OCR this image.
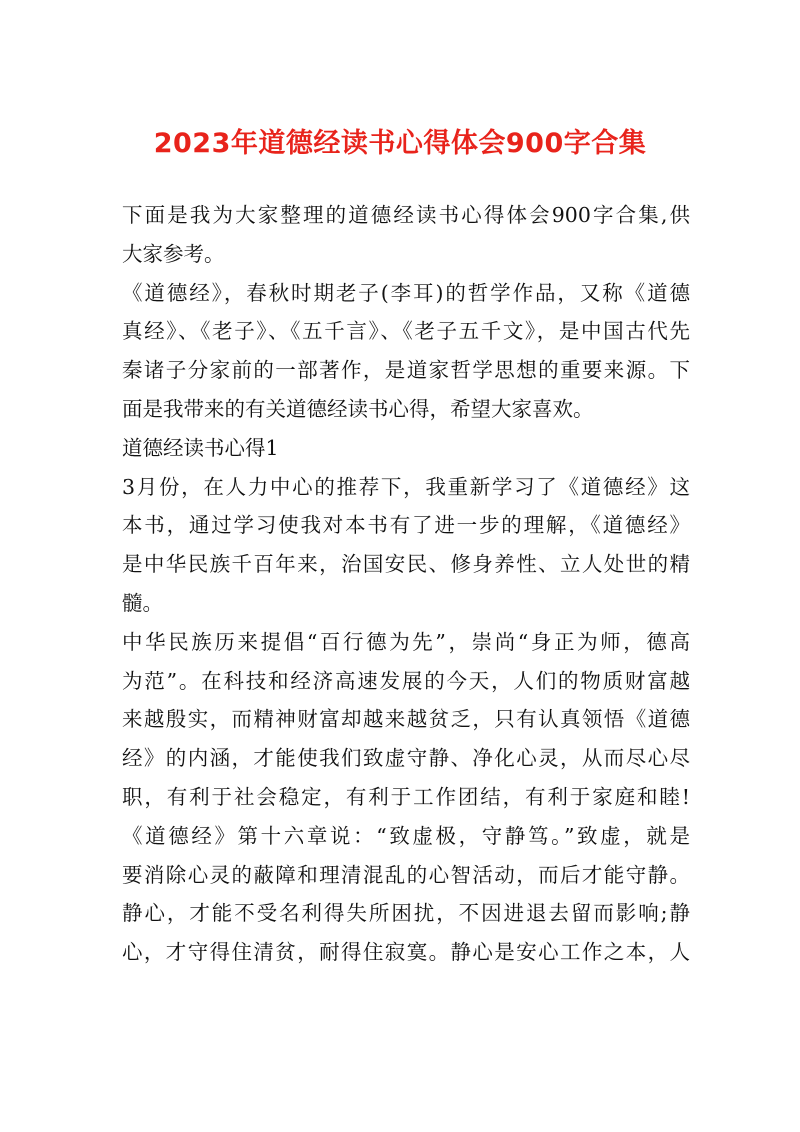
2023年道德经读书心得体会900字合集
下面是我为大家整理的道德经读书心得体会900字合集,供
大家参考。
《道德经》，春秋时期老子(李耳)的哲学作品，又称《道德
真经》、《老子》、《五千言》、《老子五千文》，是中国古代先
秦诸子分家前的一部著作，是道家哲学思想的重要来源。下
面是我带来的有关道德经读书心得，希望大家喜欢。
道德经读书心得1
3月份，在人力中心的推荐下，我重新学习了《道德经》这
本书，通过学习使我对本书有了进一步的理解，《道德经》
是中华民族千百年来，治国安民、修身养性、立人处世的精
髓。
中华民族历来提倡“百行德为先”，崇尚“身正为师，德高
为范”。在科技和经济高速发展的今天，人们的物质财富越
来越殷实，而精神财富却越来越贫乏，只有认真领悟《道德
经》的内涵，才能使我们致虚守静、净化心灵，从而尽心尽
职，有利于社会稳定，有利于工作团结，有利于家庭和睦!
《道德经》第十六章说：“致虚极，守静笃。”致虚，就是
要消除心灵的蔽障和理清混乱的心智活动，而后才能守静。
静心，才能不受名利得失所困扰，不因进退去留而影响;静
心，才守得住清贫，耐得住寂寞。静心是安心工作之本，人
